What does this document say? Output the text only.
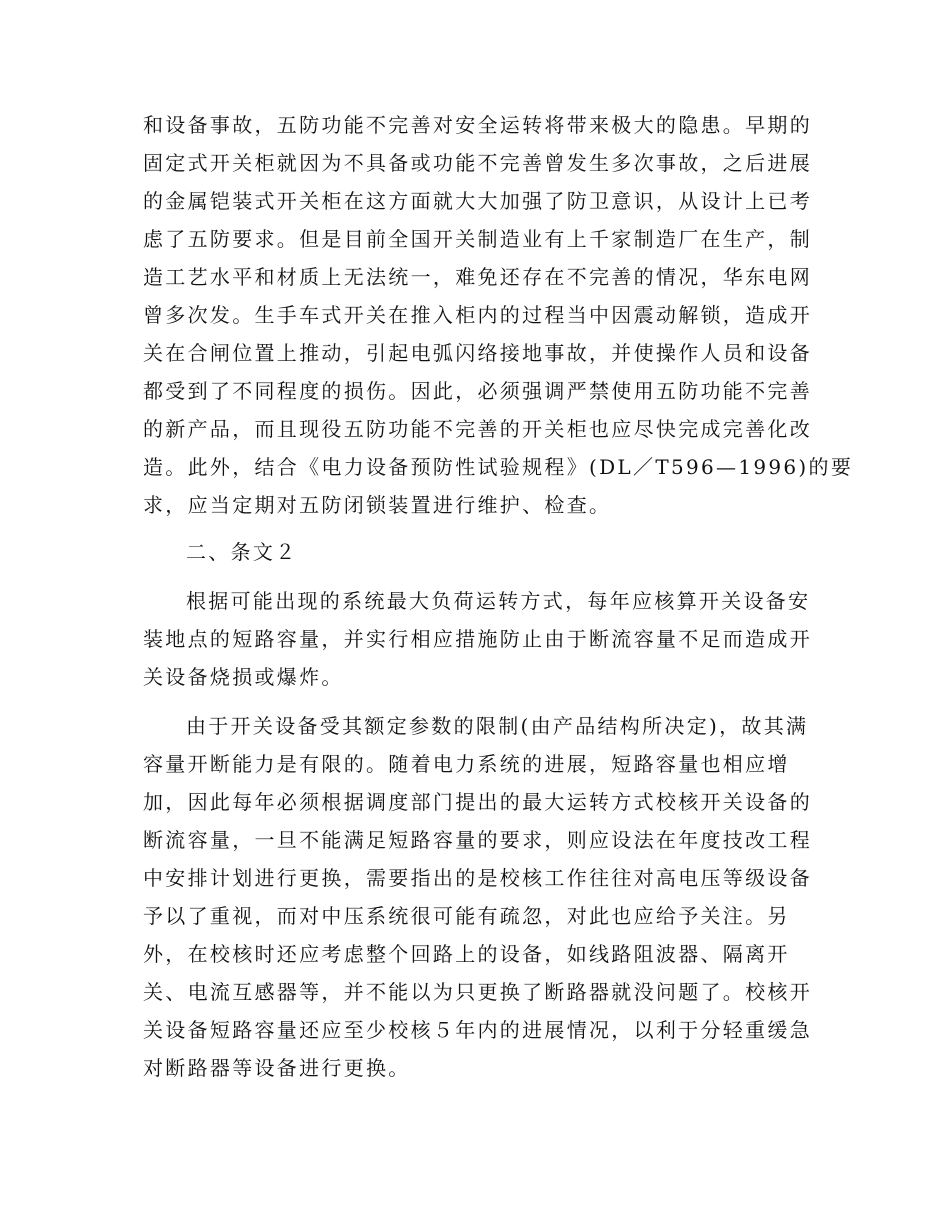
和设备事故，五防功能不完善对安全运转将带来极大的隐患。早期的
固定式开关柜就因为不具备或功能不完善曾发生多次事故，之后进展
的金属铠装式开关柜在这方面就大大加强了防卫意识，从设计上已考
虑了五防要求。但是目前全国开关制造业有上千家制造厂在生产，制
造工艺水平和材质上无法统一，难免还存在不完善的情况，华东电网
曾多次发。生手车式开关在推入柜内的过程当中因震动解锁，造成开
关在合闸位置上推动，引起电弧闪络接地事故，并使操作人员和设备
都受到了不同程度的损伤。因此，必须强调严禁使用五防功能不完善
的新产品，而且现役五防功能不完善的开关柜也应尽快完成完善化改
造。此外，结合《电力设备预防性试验规程》(DL／T596—1996)的要
求，应当定期对五防闭锁装置进行维护、检查。
二、条文２
根据可能出现的系统最大负荷运转方式，每年应核算开关设备安
装地点的短路容量，并实行相应措施防止由于断流容量不足而造成开
关设备烧损或爆炸。
由于开关设备受其额定参数的限制(由产品结构所决定)，故其满
容量开断能力是有限的。随着电力系统的进展，短路容量也相应增
加，因此每年必须根据调度部门提出的最大运转方式校核开关设备的
断流容量，一旦不能满足短路容量的要求，则应设法在年度技改工程
中安排计划进行更换，需要指出的是校核工作往往对高电压等级设备
予以了重视，而对中压系统很可能有疏忽，对此也应给予关注。另
外，在校核时还应考虑整个回路上的设备，如线路阻波器、隔离开
关、电流互感器等，并不能以为只更换了断路器就没问题了。校核开
关设备短路容量还应至少校核５年内的进展情况，以利于分轻重缓急
对断路器等设备进行更换。
